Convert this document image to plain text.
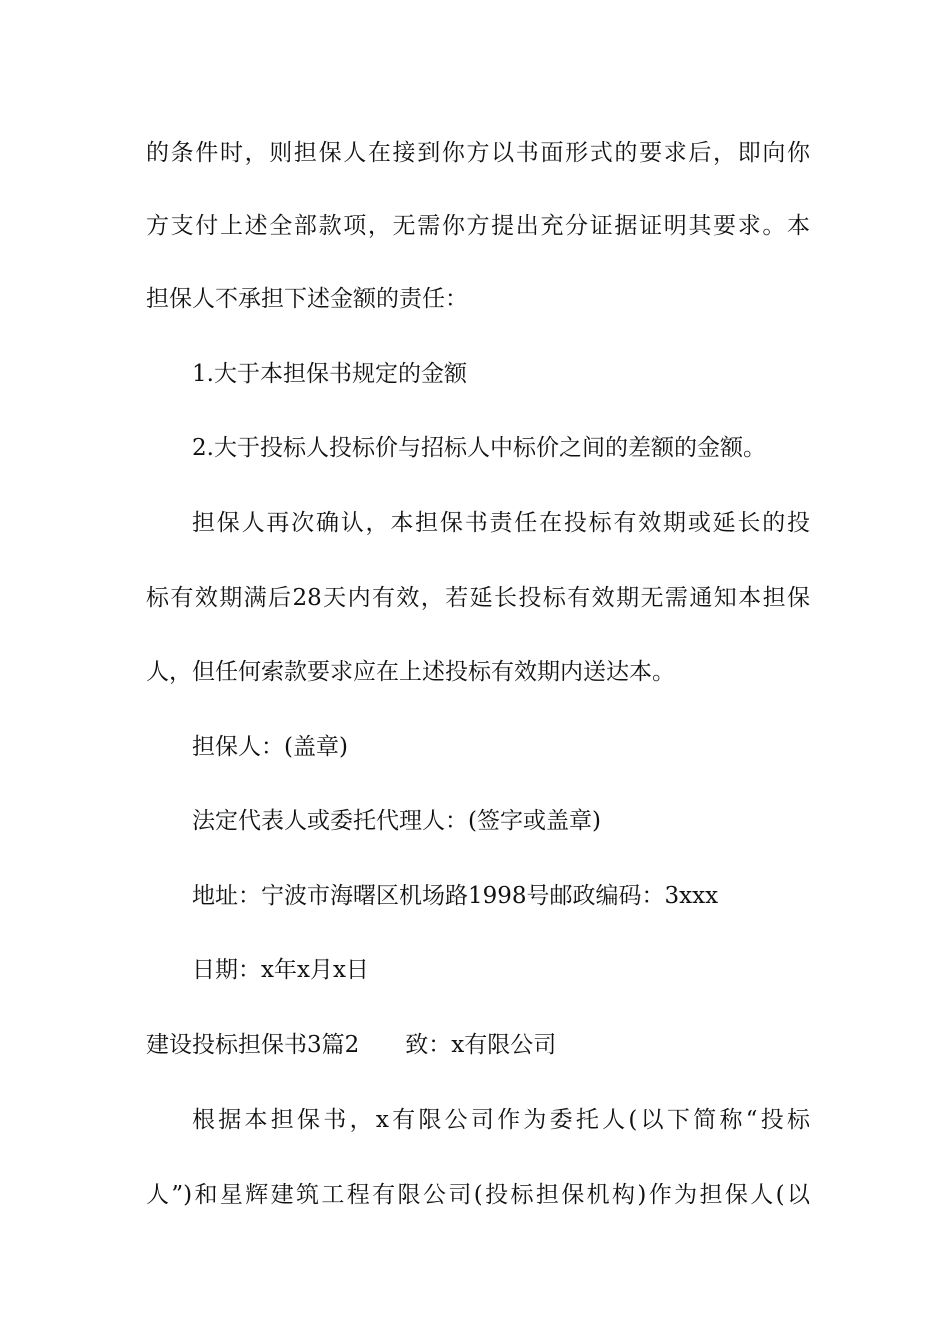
的条件时，则担保人在接到你方以书面形式的要求后，即向你
方支付上述全部款项，无需你方提出充分证据证明其要求。本
担保人不承担下述金额的责任：
1.大于本担保书规定的金额
2.大于投标人投标价与招标人中标价之间的差额的金额。
担保人再次确认，本担保书责任在投标有效期或延长的投
标有效期满后28天内有效，若延长投标有效期无需通知本担保
人，但任何索款要求应在上述投标有效期内送达本。
担保人：(盖章)
法定代表人或委托代理人：(签字或盖章)
地址：宁波市海曙区机场路1998号邮政编码：3xxx
日期：x年x月x日
建设投标担保书3篇2 致：x有限公司
根据本担保书，x有限公司作为委托人(以下简称“投标
人”)和星辉建筑工程有限公司(投标担保机构)作为担保人(以
